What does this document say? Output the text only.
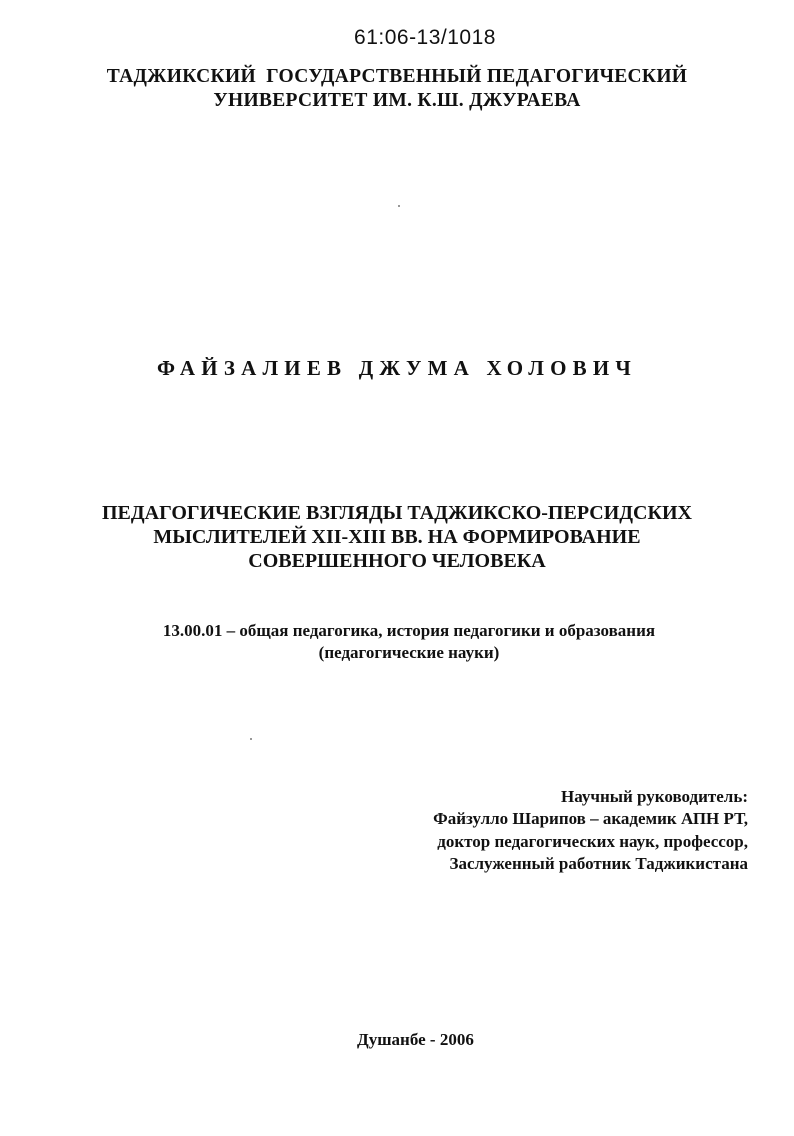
61:06-13/1018
ТАДЖИКСКИЙ  ГОСУДАРСТВЕННЫЙ ПЕДАГОГИЧЕСКИЙ
УНИВЕРСИТЕТ ИМ. К.Ш. ДЖУРАЕВА
ФАЙЗАЛИЕВ ДЖУМА ХОЛОВИЧ
ПЕДАГОГИЧЕСКИЕ ВЗГЛЯДЫ ТАДЖИКСКО-ПЕРСИДСКИХ
МЫСЛИТЕЛЕЙ XII-XIII ВВ. НА ФОРМИРОВАНИЕ
СОВЕРШЕННОГО ЧЕЛОВЕКА
13.00.01 – общая педагогика, история педагогики и образования
(педагогические науки)
Научный руководитель:
Файзулло Шарипов – академик АПН РТ,
доктор педагогических наук, профессор,
Заслуженный работник Таджикистана
Душанбе - 2006
